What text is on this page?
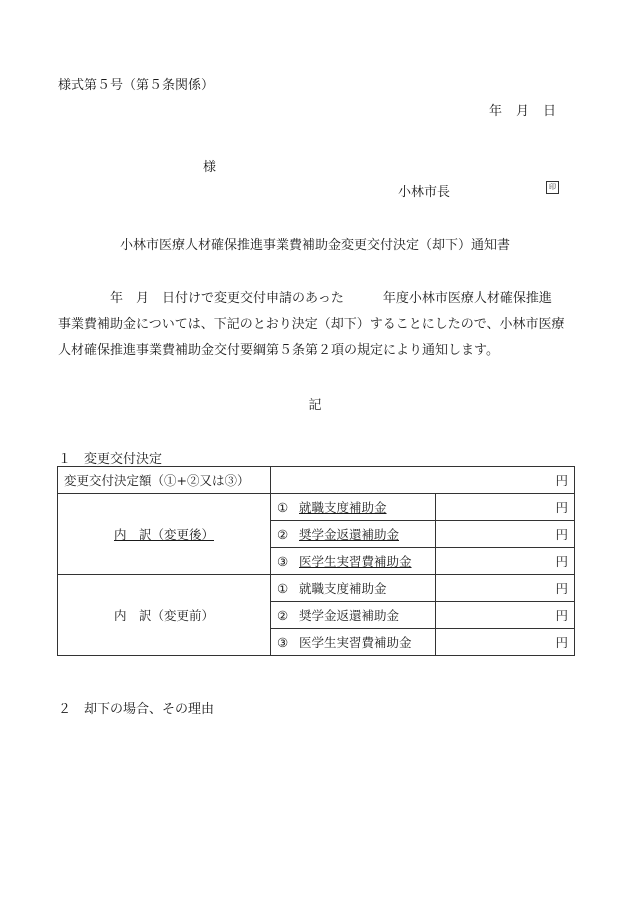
様式第５号（第５条関係）
年 月 日
様
小林市長	印
小林市医療人材確保推進事業費補助金変更交付決定（却下）通知書

年　月　日付けで変更交付申請のあった　　　年度小林市医療人材確保推進

事業費補助金については、下記のとおり決定（却下）することにしたので、小林市医療

人材確保推進事業費補助金交付要綱第５条第２項の規定により通知します。

記
１　変更交付決定
変更交付決定額（①+②又は③）	円	
内　訳（変更後）	① 就職支度補助金	円
	② 奨学金返還補助金	円
	③ 医学生実習費補助金	円
内　訳（変更前）	① 就職支度補助金	円
	② 奨学金返還補助金	円
	③ 医学生実習費補助金	円
２　却下の場合、その理由
